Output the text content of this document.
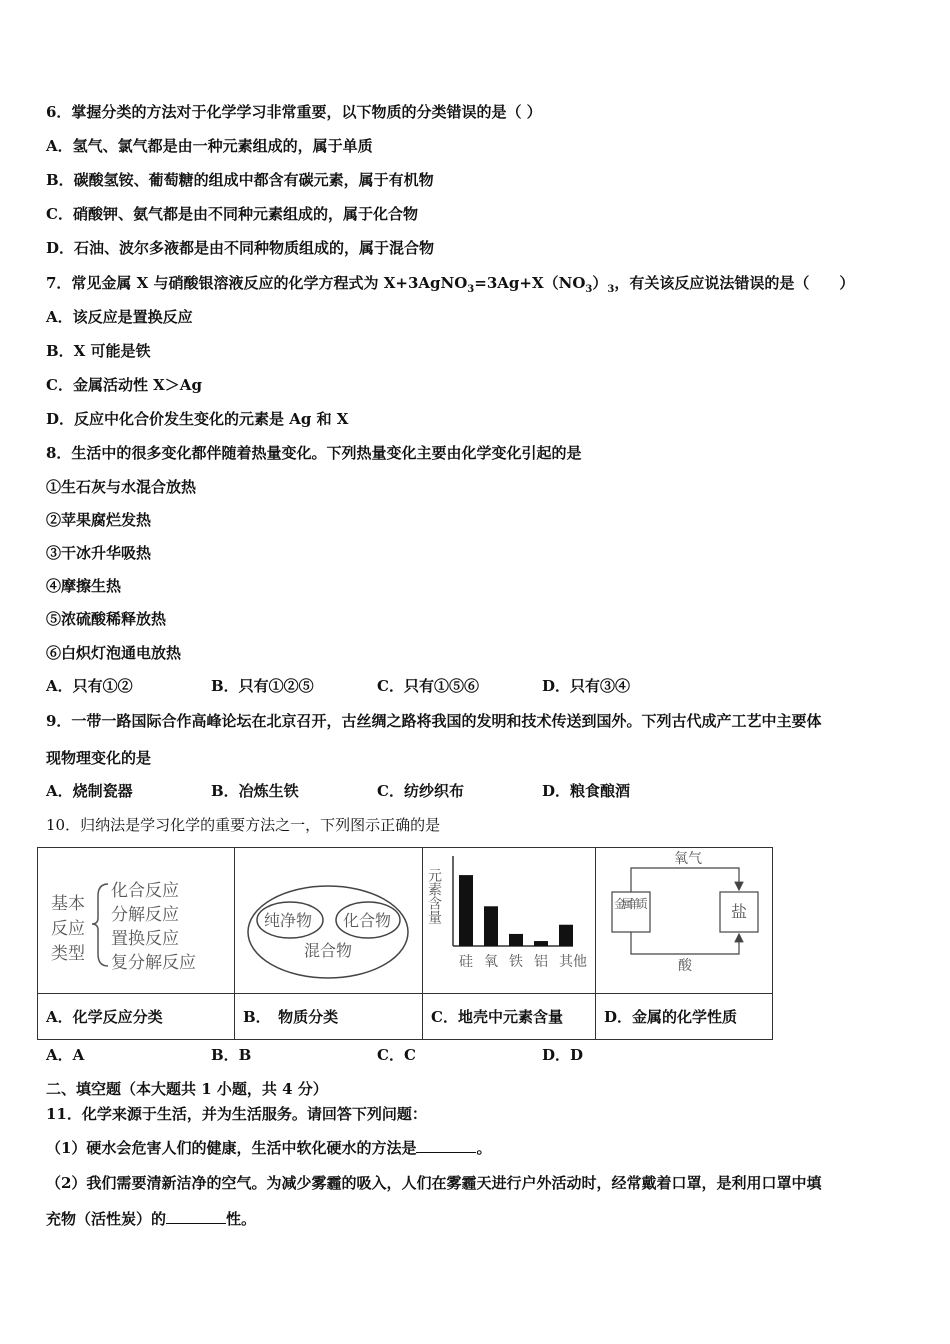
6．掌握分类的方法对于化学学习非常重要，以下物质的分类错误的是（ ）
A．氢气、氯气都是由一种元素组成的，属于单质
B．碳酸氢铵、葡萄糖的组成中都含有碳元素，属于有机物
C．硝酸钾、氨气都是由不同种元素组成的，属于化合物
D．石油、波尔多液都是由不同种物质组成的，属于混合物
7．常见金属 X 与硝酸银溶液反应的化学方程式为 $X+3AgNO_3=3Ag+X(NO_3)_3$，有关该反应说法错误的是（　　）
A．该反应是置换反应
B．X 可能是铁
C．金属活动性 X＞Ag
D．反应中化合价发生变化的元素是 Ag 和 X
8．生活中的很多变化都伴随着热量变化。下列热量变化主要由化学变化引起的是
①生石灰与水混合放热
②苹果腐烂发热
③干冰升华吸热
④摩擦生热
⑤浓硫酸稀释放热
⑥白炽灯泡通电放热
A．只有①②	B．只有①②⑤	C．只有①⑤⑥	D．只有③④
9．一带一路国际合作高峰论坛在北京召开，古丝绸之路将我国的发明和技术传送到国外。下列古代成产工艺中主要体
现物理变化的是
A．烧制瓷器	B．冶炼生铁	C．纺纱织布	D．粮食酿酒
10．归纳法是学习化学的重要方法之一，下列图示正确的是
基本
反应
类型
化合反应
分解反应
置换反应
复分解反应
纯净物 化合物
混合物
元素含量
硅 氧 铁 铝 其他
金属单质	盐
氧气
酸
A．化学反应分类	B．　物质分类	C．地壳中元素含量	D．金属的化学性质
A．A	B．B	C．C	D．D
二、填空题（本大题共 1 小题，共 4 分）
11．化学来源于生活，并为生活服务。请回答下列问题：
（1）硬水会危害人们的健康，生活中软化硬水的方法是	。
（2）我们需要清新洁净的空气。为减少雾霾的吸入，人们在雾霾天进行户外活动时，经常戴着口罩，是利用口罩中填
充物（活性炭）的	性。
